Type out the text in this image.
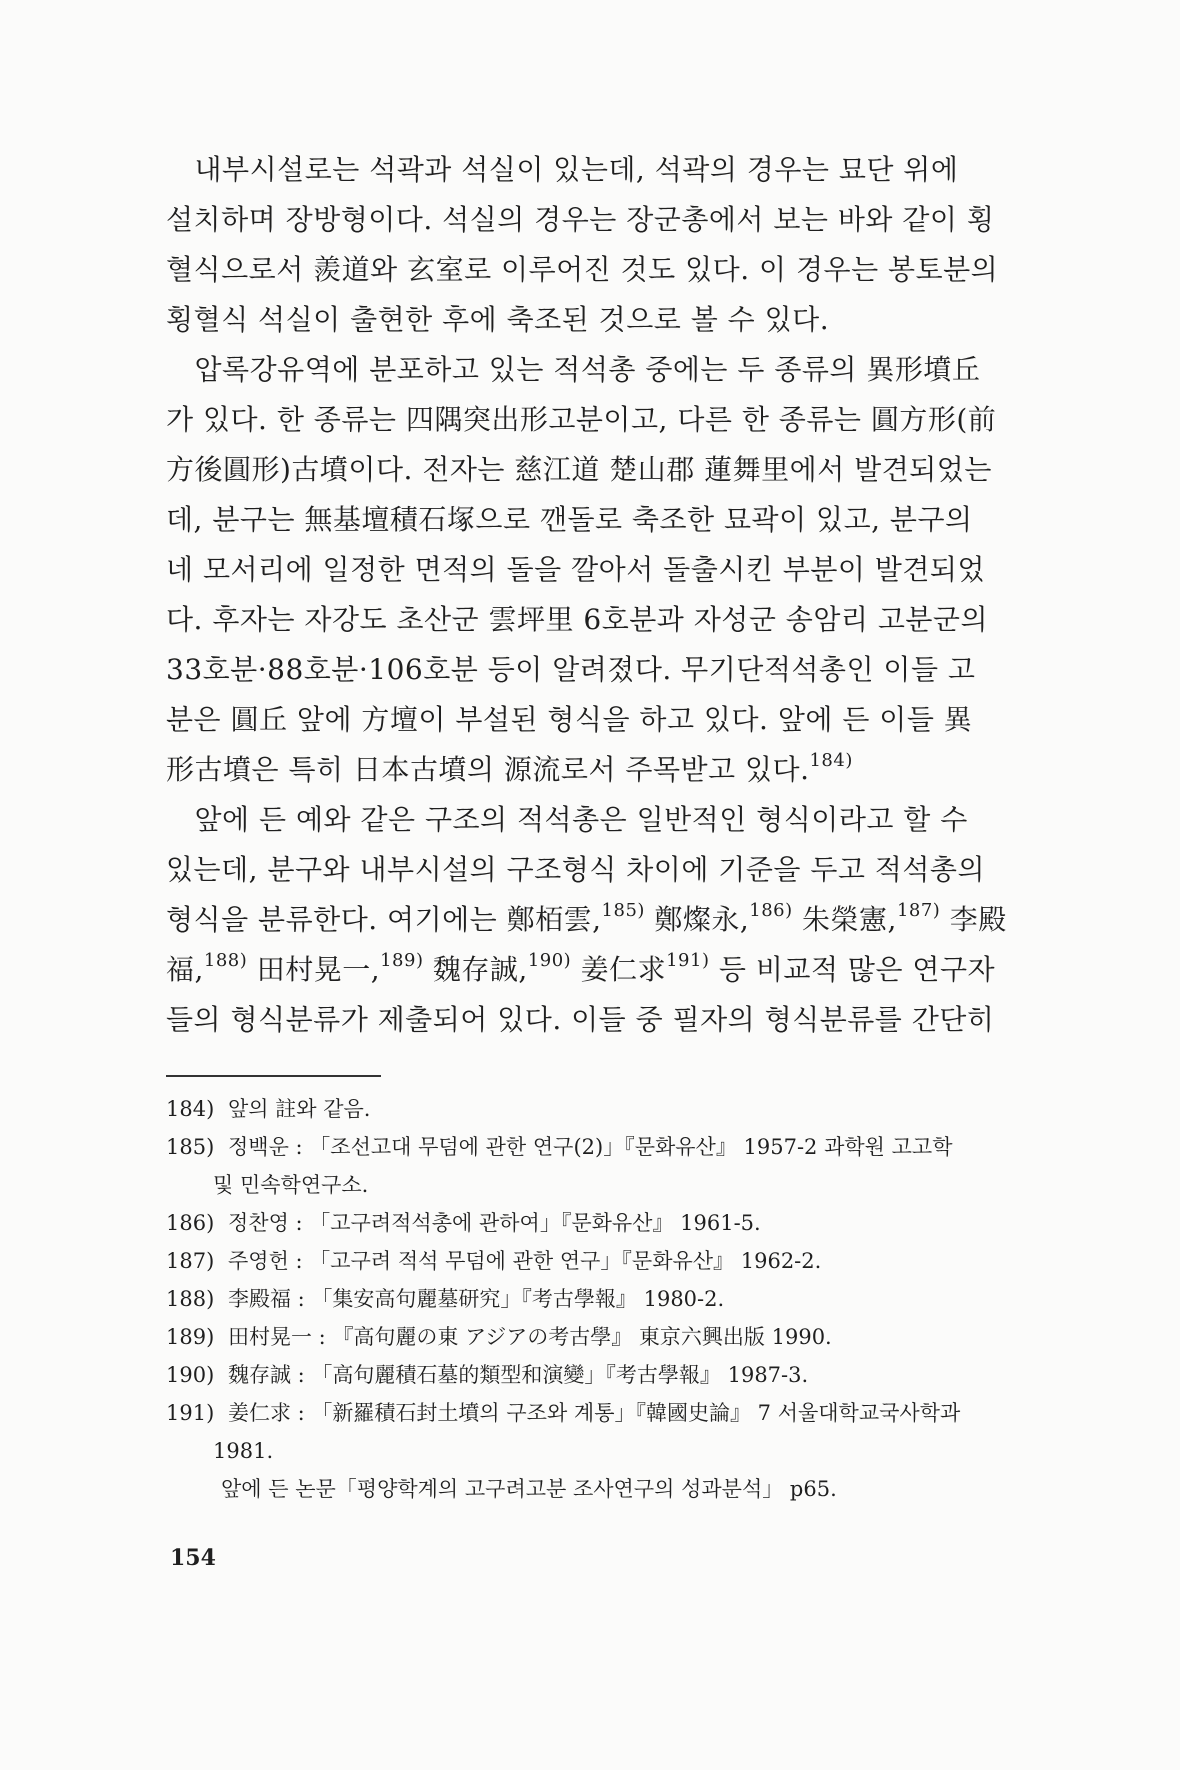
　내부시설로는 석곽과 석실이 있는데, 석곽의 경우는 묘단 위에
설치하며 장방형이다. 석실의 경우는 장군총에서 보는 바와 같이 횡
혈식으로서 羨道와 玄室로 이루어진 것도 있다. 이 경우는 봉토분의
횡혈식 석실이 출현한 후에 축조된 것으로 볼 수 있다.
　압록강유역에 분포하고 있는 적석총 중에는 두 종류의 異形墳丘
가 있다. 한 종류는 四隅突出形고분이고, 다른 한 종류는 圓方形(前
方後圓形)古墳이다. 전자는 慈江道 楚山郡 蓮舞里에서 발견되었는
데, 분구는 無基壇積石塚으로 깬돌로 축조한 묘곽이 있고, 분구의
네 모서리에 일정한 면적의 돌을 깔아서 돌출시킨 부분이 발견되었
다. 후자는 자강도 초산군 雲坪里 6호분과 자성군 송암리 고분군의
33호분·88호분·106호분 등이 알려졌다. 무기단적석총인 이들 고
분은 圓丘 앞에 方壇이 부설된 형식을 하고 있다. 앞에 든 이들 異
形古墳은 특히 日本古墳의 源流로서 주목받고 있다.$^{184)}$
　앞에 든 예와 같은 구조의 적석총은 일반적인 형식이라고 할 수
있는데, 분구와 내부시설의 구조형식 차이에 기준을 두고 적석총의
형식을 분류한다. 여기에는 鄭栢雲,$^{185)}$ 鄭燦永,$^{186)}$ 朱榮憲,$^{187)}$ 李殿
福,$^{188)}$ 田村晃一,$^{189)}$ 魏存誠,$^{190)}$ 姜仁求$^{191)}$ 등 비교적 많은 연구자
들의 형식분류가 제출되어 있다. 이들 중 필자의 형식분류를 간단히
184) 앞의 註와 같음.
185) 정백운 : 「조선고대 무덤에 관한 연구(2)」『문화유산』 1957-2 과학원 고고학
및 민속학연구소.
186) 정찬영 : 「고구려적석총에 관하여」『문화유산』 1961-5.
187) 주영헌 : 「고구려 적석 무덤에 관한 연구」『문화유산』 1962-2.
188) 李殿福 : 「集安高句麗墓研究」『考古學報』 1980-2.
189) 田村晃一 : 『高句麗の東 アジアの考古學』 東京六興出版 1990.
190) 魏存誠 : 「高句麗積石墓的類型和演變」『考古學報』 1987-3.
191) 姜仁求 : 「新羅積石封土墳의 구조와 계통」『韓國史論』 7 서울대학교국사학과
1981.
앞에 든 논문「평양학계의 고구려고분 조사연구의 성과분석」 p65.
154
